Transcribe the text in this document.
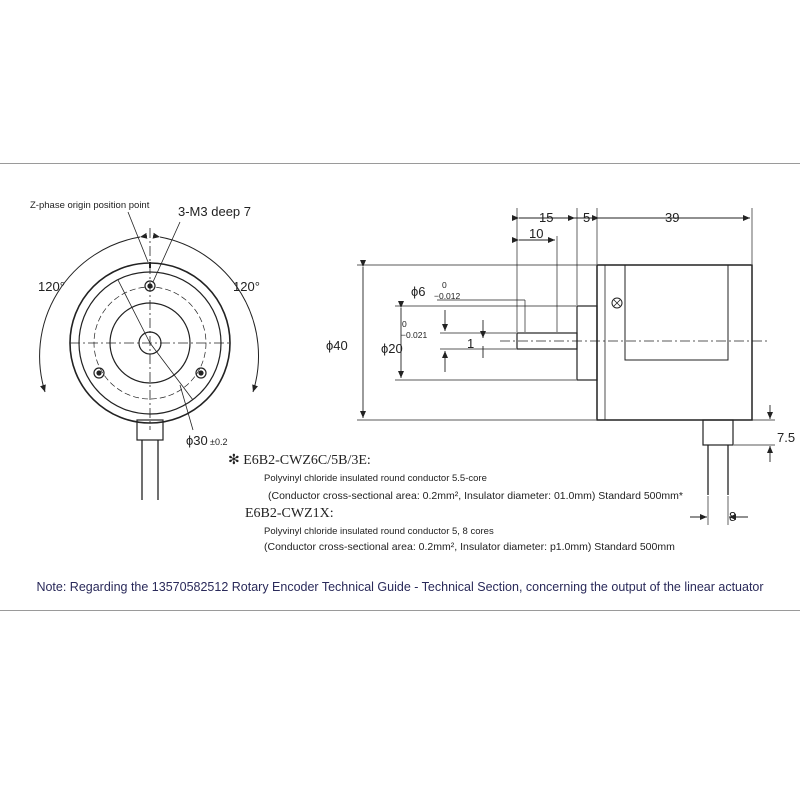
Z-phase origin position point 3-M3 deep 7
120°	120°
ϕ30 ±0.2
15 5	39
10
ϕ6 0
−0.012
0
−0.021
ϕ40	ϕ20	1
7.5
8
✻ E6B2-CWZ6C/5B/3E:
Polyvinyl chloride insulated round conductor 5.5-core
(Conductor cross-sectional area: 0.2mm², Insulator diameter: 01.0mm) Standard 500mm*
E6B2-CWZ1X:
Polyvinyl chloride insulated round conductor 5, 8 cores
(Conductor cross-sectional area: 0.2mm², Insulator diameter: p1.0mm) Standard 500mm
Note: Regarding the 13570582512 Rotary Encoder Technical Guide - Technical Section, concerning the output of the linear actuator
